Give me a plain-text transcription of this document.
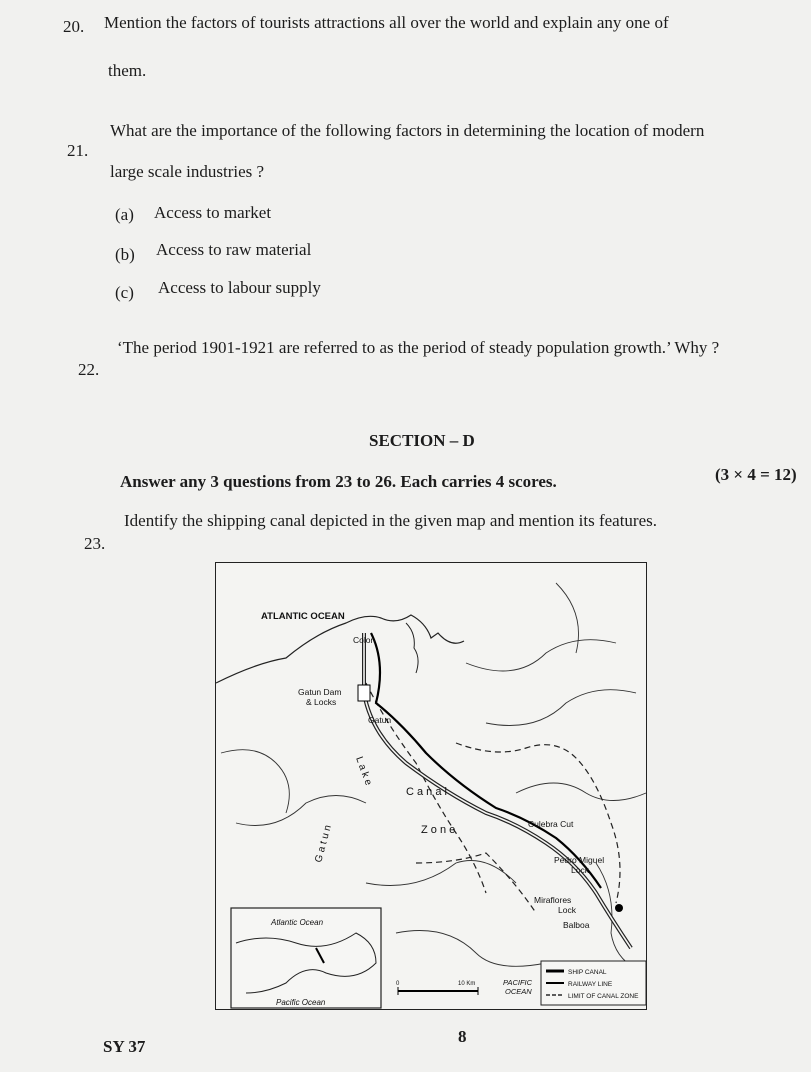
20. Mention the factors of tourists attractions all over the world and explain any one of
them.
21.
What are the importance of the following factors in determining the location of modern
large scale industries ?
(a) Access to market
(b) Access to raw material
(c) Access to labour supply
22.
‘The period 1901-1921 are referred to as the period of steady population growth.’ Why ?
SECTION – D
Answer any 3 questions from 23 to 26. Each carries 4 scores.	(3 × 4 = 12)
23.
Identify the shipping canal depicted in the given map and mention its features.
ATLANTIC OCEAN
Colon
Gatun Dam
& Locks
Gatun
L a k e
G a t u n
C a n a l
Z o n e	Culebra Cut
Pedro Miguel
Lock
Miraflores
Lock
Balboa
Atlantic Ocean
Pacific Ocean
0	10 Km	PACIFIC
OCEAN
SHIP CANAL
RAILWAY LINE
LIMIT OF CANAL ZONE
SY 37
8
